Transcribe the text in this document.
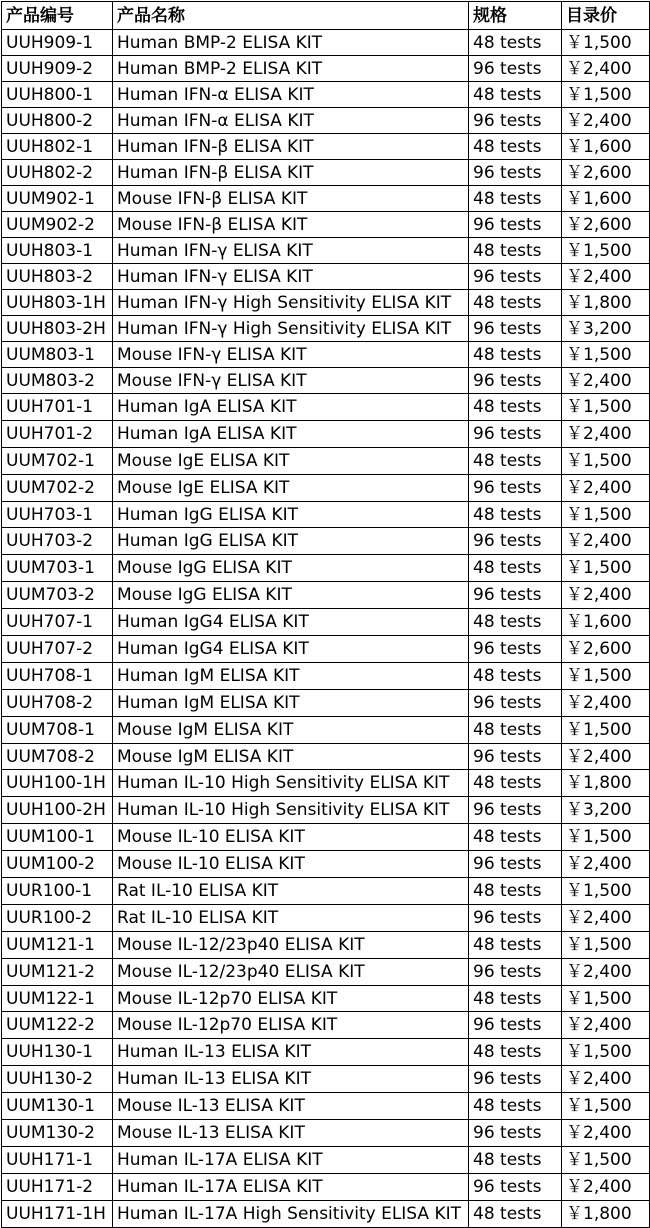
产品编号	产品名称	规格	目录价
UUH909-1	Human BMP-2 ELISA KIT	48 tests	￥1,500
UUH909-2	Human BMP-2 ELISA KIT	96 tests	￥2,400
UUH800-1	Human IFN-α ELISA KIT	48 tests	￥1,500
UUH800-2	Human IFN-α ELISA KIT	96 tests	￥2,400
UUH802-1	Human IFN-β ELISA KIT	48 tests	￥1,600
UUH802-2	Human IFN-β ELISA KIT	96 tests	￥2,600
UUM902-1	Mouse IFN-β ELISA KIT	48 tests	￥1,600
UUM902-2	Mouse IFN-β ELISA KIT	96 tests	￥2,600
UUH803-1	Human IFN-γ ELISA KIT	48 tests	￥1,500
UUH803-2	Human IFN-γ ELISA KIT	96 tests	￥2,400
UUH803-1H	Human IFN-γ High Sensitivity ELISA KIT	48 tests	￥1,800
UUH803-2H	Human IFN-γ High Sensitivity ELISA KIT	96 tests	￥3,200
UUM803-1	Mouse IFN-γ ELISA KIT	48 tests	￥1,500
UUM803-2	Mouse IFN-γ ELISA KIT	96 tests	￥2,400
UUH701-1	Human IgA ELISA KIT	48 tests	￥1,500
UUH701-2	Human IgA ELISA KIT	96 tests	￥2,400
UUM702-1	Mouse IgE ELISA KIT	48 tests	￥1,500
UUM702-2	Mouse IgE ELISA KIT	96 tests	￥2,400
UUH703-1	Human IgG ELISA KIT	48 tests	￥1,500
UUH703-2	Human IgG ELISA KIT	96 tests	￥2,400
UUM703-1	Mouse IgG ELISA KIT	48 tests	￥1,500
UUM703-2	Mouse IgG ELISA KIT	96 tests	￥2,400
UUH707-1	Human IgG4 ELISA KIT	48 tests	￥1,600
UUH707-2	Human IgG4 ELISA KIT	96 tests	￥2,600
UUH708-1	Human IgM ELISA KIT	48 tests	￥1,500
UUH708-2	Human IgM ELISA KIT	96 tests	￥2,400
UUM708-1	Mouse IgM ELISA KIT	48 tests	￥1,500
UUM708-2	Mouse IgM ELISA KIT	96 tests	￥2,400
UUH100-1H	Human IL-10 High Sensitivity ELISA KIT	48 tests	￥1,800
UUH100-2H	Human IL-10 High Sensitivity ELISA KIT	96 tests	￥3,200
UUM100-1	Mouse IL-10 ELISA KIT	48 tests	￥1,500
UUM100-2	Mouse IL-10 ELISA KIT	96 tests	￥2,400
UUR100-1	Rat IL-10 ELISA KIT	48 tests	￥1,500
UUR100-2	Rat IL-10 ELISA KIT	96 tests	￥2,400
UUM121-1	Mouse IL-12/23p40 ELISA KIT	48 tests	￥1,500
UUM121-2	Mouse IL-12/23p40 ELISA KIT	96 tests	￥2,400
UUM122-1	Mouse IL-12p70 ELISA KIT	48 tests	￥1,500
UUM122-2	Mouse IL-12p70 ELISA KIT	96 tests	￥2,400
UUH130-1	Human IL-13 ELISA KIT	48 tests	￥1,500
UUH130-2	Human IL-13 ELISA KIT	96 tests	￥2,400
UUM130-1	Mouse IL-13 ELISA KIT	48 tests	￥1,500
UUM130-2	Mouse IL-13 ELISA KIT	96 tests	￥2,400
UUH171-1	Human IL-17A ELISA KIT	48 tests	￥1,500
UUH171-2	Human IL-17A ELISA KIT	96 tests	￥2,400
UUH171-1H	Human IL-17A High Sensitivity ELISA KIT	48 tests	￥1,800
